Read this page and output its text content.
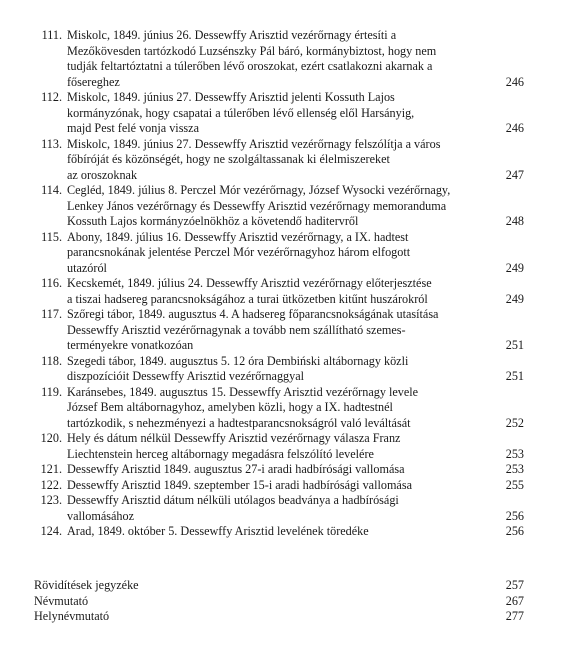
111. Miskolc, 1849. június 26. Dessewffy Arisztid vezérőrnagy értesíti a
Mezőkövesden tartózkodó Luzsénszky Pál báró, kormánybiztost, hogy nem
tudják feltartóztatni a túlerőben lévő oroszokat, ezért csatlakozni akarnak a
fősereghez	246
112. Miskolc, 1849. június 27. Dessewffy Arisztid jelenti Kossuth Lajos
kormányzónak, hogy csapatai a túlerőben lévő ellenség elől Harsányig,
majd Pest felé vonja vissza	246
113. Miskolc, 1849. június 27. Dessewffy Arisztid vezérőrnagy felszólítja a város
főbíróját és közönségét, hogy ne szolgáltassanak ki élelmiszereket
az oroszoknak	247
114. Cegléd, 1849. július 8. Perczel Mór vezérőrnagy, József Wysocki vezérőrnagy,
Lenkey János vezérőrnagy és Dessewffy Arisztid vezérőrnagy memoranduma
Kossuth Lajos kormányzóelnökhöz a követendő haditervről	248
115. Abony, 1849. július 16. Dessewffy Arisztid vezérőrnagy, a IX. hadtest
parancsnokának jelentése Perczel Mór vezérőrnagyhoz három elfogott
utazóról	249
116. Kecskemét, 1849. július 24. Dessewffy Arisztid vezérőrnagy előterjesztése
a tiszai hadsereg parancsnokságához a turai ütközetben kitűnt huszárokról	249
117. Szőregi tábor, 1849. augusztus 4. A hadsereg főparancsnokságának utasítása
Dessewffy Arisztid vezérőrnagynak a tovább nem szállítható szemes-
terményekre vonatkozóan	251
118. Szegedi tábor, 1849. augusztus 5. 12 óra Dembiński altábornagy közli
diszpozícióit Dessewffy Arisztid vezérőrnaggyal	251
119. Karánsebes, 1849. augusztus 15. Dessewffy Arisztid vezérőrnagy levele
József Bem altábornagyhoz, amelyben közli, hogy a IX. hadtestnél
tartózkodik, s nehezményezi a hadtestparancsnokságról való leváltását	252
120. Hely és dátum nélkül Dessewffy Arisztid vezérőrnagy válasza Franz
Liechtenstein herceg altábornagy megadásra felszólító levelére	253
121. Dessewffy Arisztid 1849. augusztus 27-i aradi hadbírósági vallomása	253
122. Dessewffy Arisztid 1849. szeptember 15-i aradi hadbírósági vallomása	255
123. Dessewffy Arisztid dátum nélküli utólagos beadványa a hadbírósági
vallomásához	256
124. Arad, 1849. október 5. Dessewffy Arisztid levelének töredéke	256
Rövidítések jegyzéke	257
Névmutató	267
Helynévmutató	277
